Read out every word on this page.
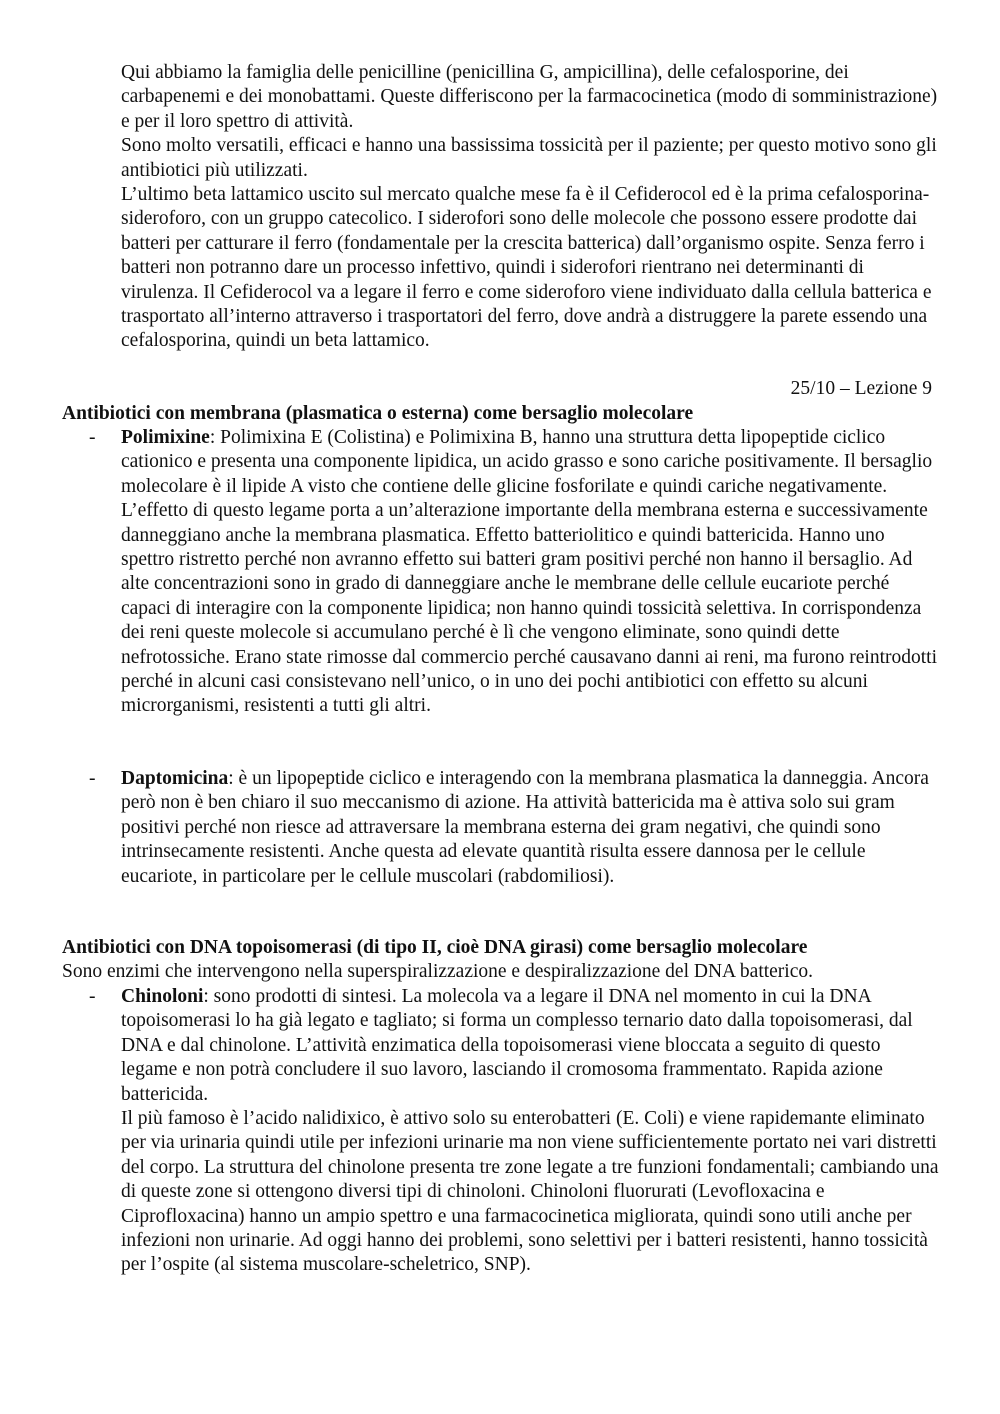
Qui abbiamo la famiglia delle penicilline (penicillina G, ampicillina), delle cefalosporine, dei carbapenemi e dei monobattami. Queste differiscono per la farmacocinetica (modo di somministrazione) e per il loro spettro di attività.

Sono molto versatili, efficaci e hanno una bassissima tossicità per il paziente; per questo motivo sono gli antibiotici più utilizzati.

L’ultimo beta lattamico uscito sul mercato qualche mese fa è il Cefiderocol ed è la prima cefalosporina-sideroforo, con un gruppo catecolico. I siderofori sono delle molecole che possono essere prodotte dai batteri per catturare il ferro (fondamentale per la crescita batterica) dall’organismo ospite. Senza ferro i batteri non potranno dare un processo infettivo, quindi i siderofori rientrano nei determinanti di virulenza. Il Cefiderocol va a legare il ferro e come sideroforo viene individuato dalla cellula batterica e trasportato all’interno attraverso i trasportatori del ferro, dove andrà a distruggere la parete essendo una cefalosporina, quindi un beta lattamico.

25/10 – Lezione 9
Antibiotici con membrana (plasmatica o esterna) come bersaglio molecolare
- Polimixine: Polimixina E (Colistina) e Polimixina B, hanno una struttura detta lipopeptide ciclico cationico e presenta una componente lipidica, un acido grasso e sono cariche positivamente. Il bersaglio molecolare è il lipide A visto che contiene delle glicine fosforilate e quindi cariche negativamente. L’effetto di questo legame porta a un’alterazione importante della membrana esterna e successivamente danneggiano anche la membrana plasmatica. Effetto batteriolitico e quindi battericida. Hanno uno spettro ristretto perché non avranno effetto sui batteri gram positivi perché non hanno il bersaglio. Ad alte concentrazioni sono in grado di danneggiare anche le membrane delle cellule eucariote perché capaci di interagire con la componente lipidica; non hanno quindi tossicità selettiva. In corrispondenza dei reni queste molecole si accumulano perché è lì che vengono eliminate, sono quindi dette nefrotossiche. Erano state rimosse dal commercio perché causavano danni ai reni, ma furono reintrodotti perché in alcuni casi consistevano nell’unico, o in uno dei pochi antibiotici con effetto su alcuni microrganismi, resistenti a tutti gli altri.

- Daptomicina: è un lipopeptide ciclico e interagendo con la membrana plasmatica la danneggia. Ancora però non è ben chiaro il suo meccanismo di azione. Ha attività battericida ma è attiva solo sui gram positivi perché non riesce ad attraversare la membrana esterna dei gram negativi, che quindi sono intrinsecamente resistenti. Anche questa ad elevate quantità risulta essere dannosa per le cellule eucariote, in particolare per le cellule muscolari (rabdomiliosi).

Antibiotici con DNA topoisomerasi (di tipo II, cioè DNA girasi) come bersaglio molecolare
Sono enzimi che intervengono nella superspiralizzazione e despiralizzazione del DNA batterico.
- Chinoloni: sono prodotti di sintesi. La molecola va a legare il DNA nel momento in cui la DNA topoisomerasi lo ha già legato e tagliato; si forma un complesso ternario dato dalla topoisomerasi, dal DNA e dal chinolone. L’attività enzimatica della topoisomerasi viene bloccata a seguito di questo legame e non potrà concludere il suo lavoro, lasciando il cromosoma frammentato. Rapida azione battericida.

Il più famoso è l’acido nalidixico, è attivo solo su enterobatteri (E. Coli) e viene rapidemante eliminato per via urinaria quindi utile per infezioni urinarie ma non viene sufficientemente portato nei vari distretti del corpo. La struttura del chinolone presenta tre zone legate a tre funzioni fondamentali; cambiando una di queste zone si ottengono diversi tipi di chinoloni. Chinoloni fluorurati (Levofloxacina e Ciprofloxacina) hanno un ampio spettro e una farmacocinetica migliorata, quindi sono utili anche per infezioni non urinarie. Ad oggi hanno dei problemi, sono selettivi per i batteri resistenti, hanno tossicità per l’ospite (al sistema muscolare-scheletrico, SNP).
